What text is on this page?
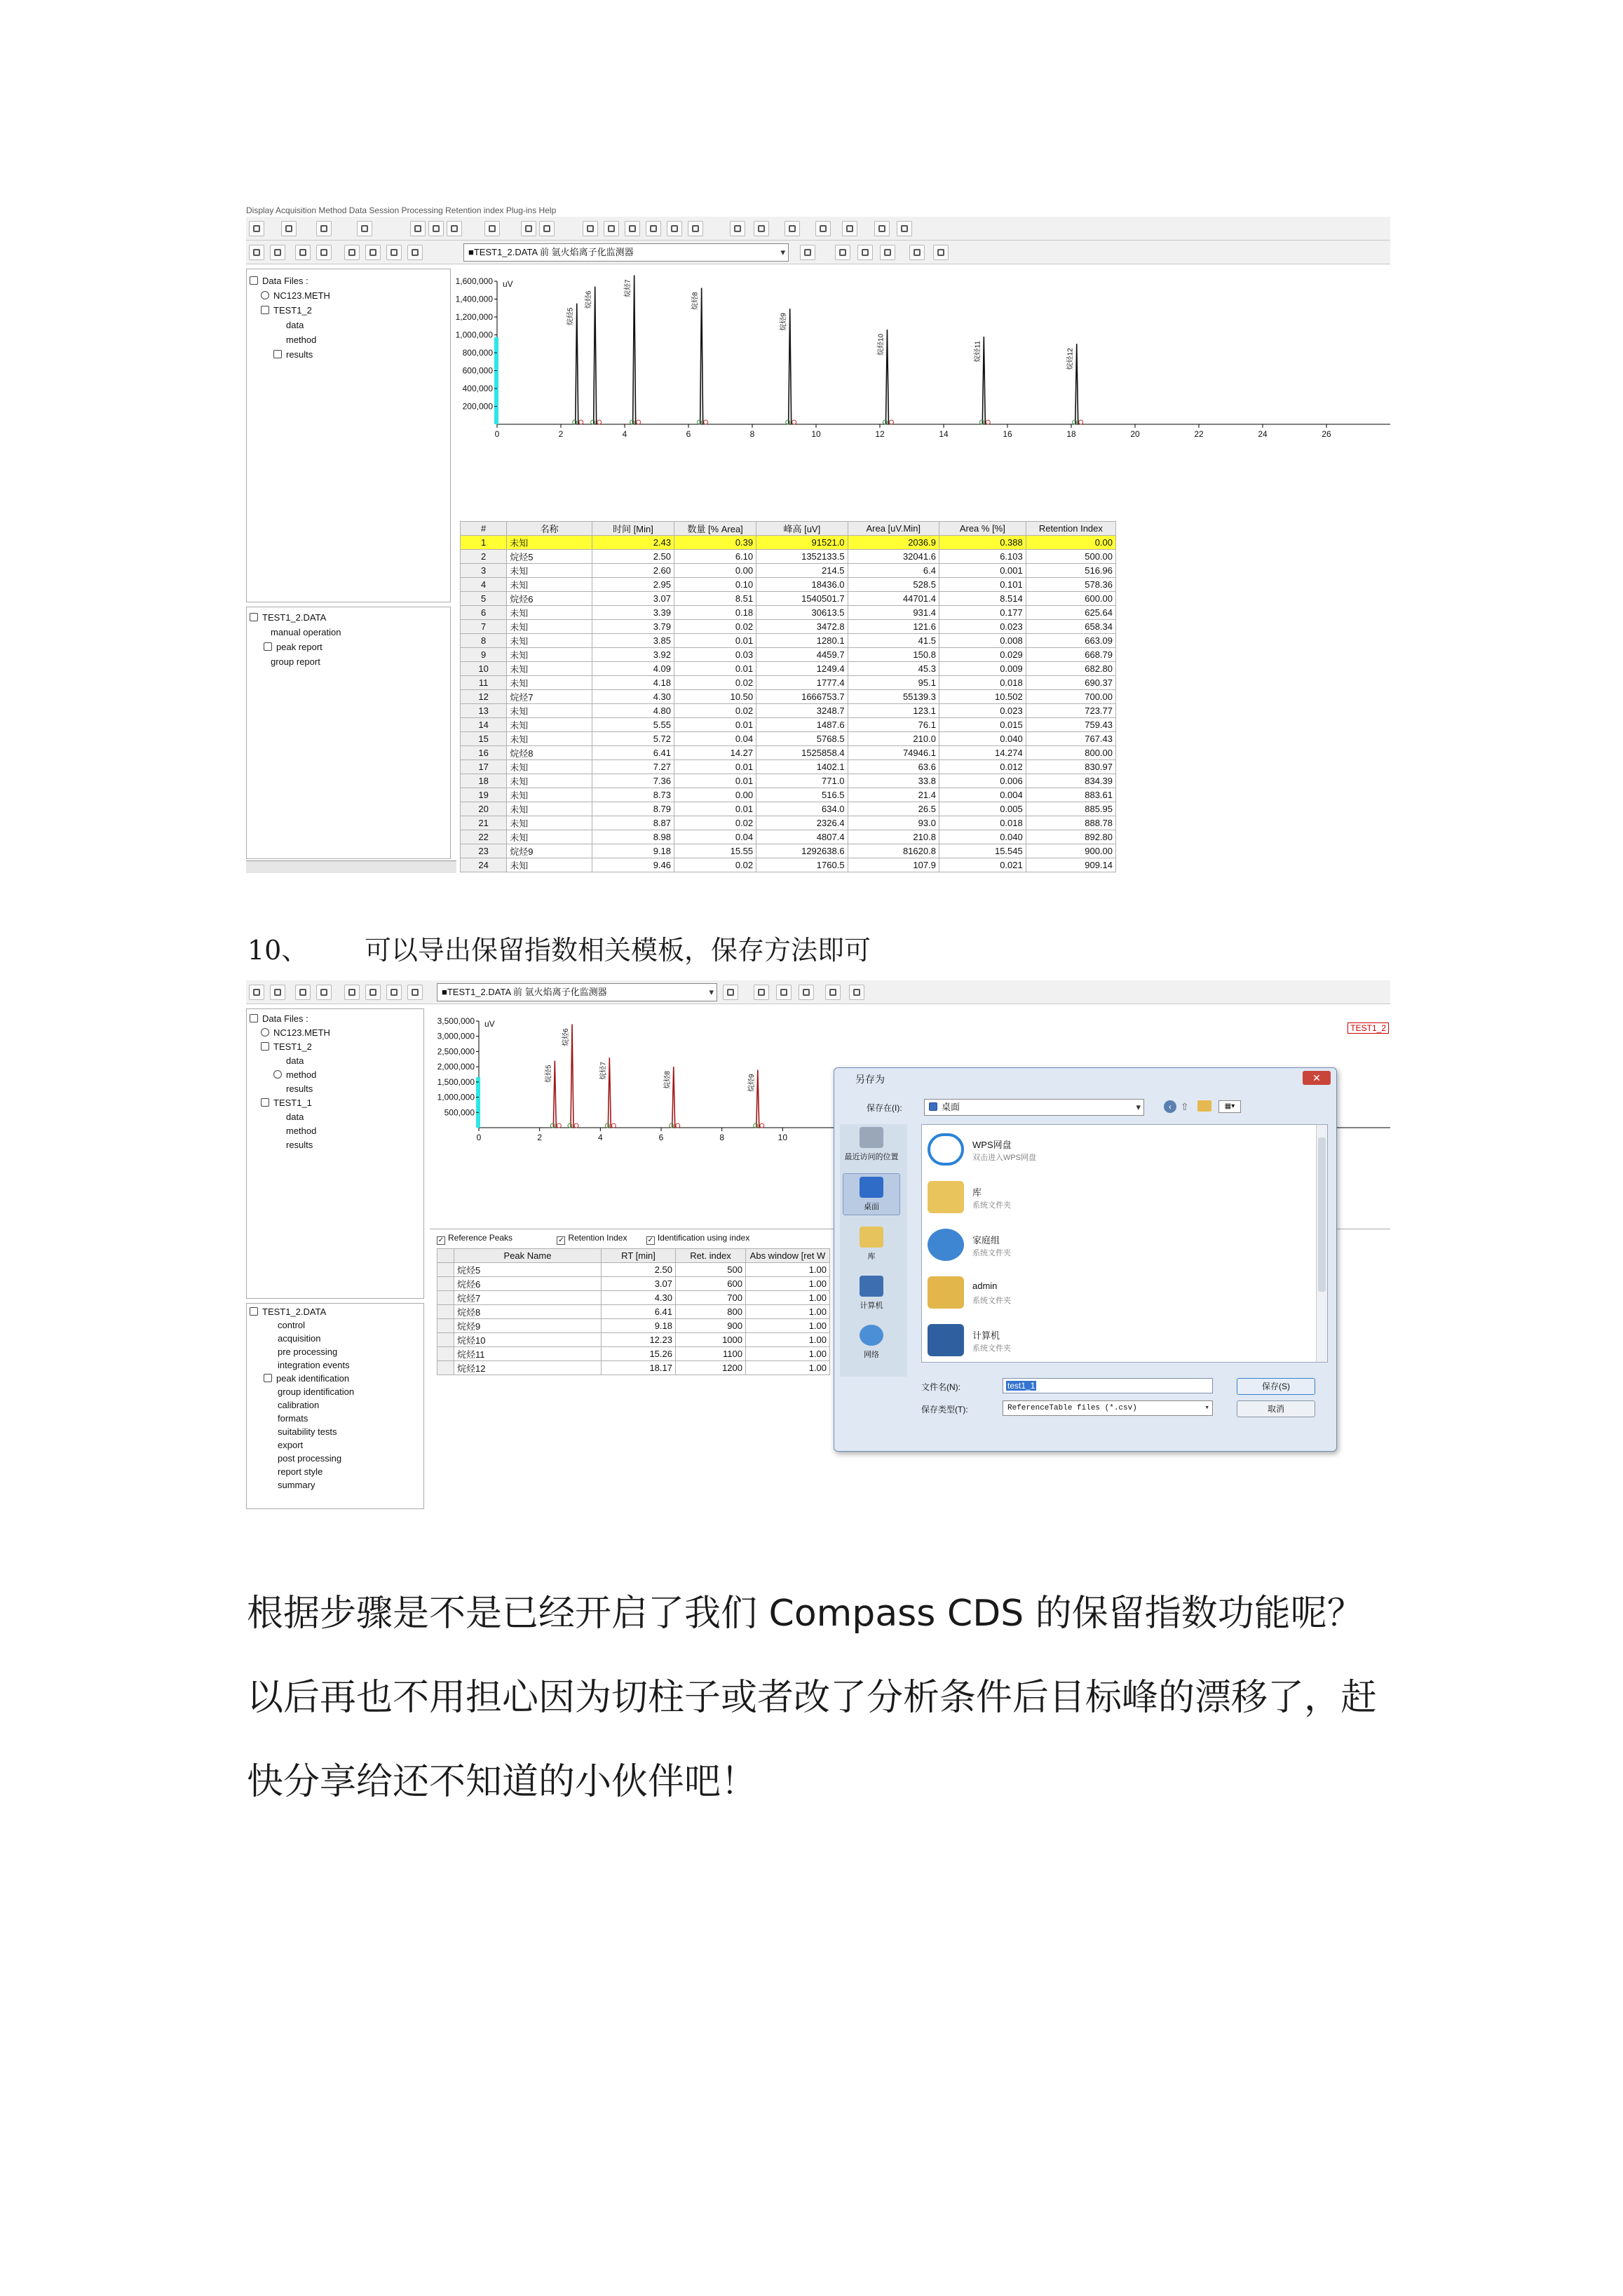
Display Acquisition Method Data Session Processing Retention index Plug-ins Help
■TEST1_2.DATA 前 氩火焰离子化监测器 ▾
Data Files :
NC123.METH
TEST1_2
data
method
results
TEST1_2.DATA
manual operation
peak report
group report
uV
200,000
400,000
600,000
800,000
1,000,000
1,200,000
1,400,000
1,600,000
0	2	4	6	8	10	12	14	16	18	20	22	24	26
烷烃5
烷烃6
烷烃7
烷烃8
烷烃9
烷烃10	烷烃11	烷烃12
#	名称	时间 [Min]	数量 [% Area]	峰高 [uV]	Area [uV.Min]	Area % [%]	Retention Index
1	未知	2.43	0.39	91521.0	2036.9	0.388	0.00
2	烷烃5	2.50	6.10	1352133.5	32041.6	6.103	500.00
3	未知	2.60	0.00	214.5	6.4	0.001	516.96
4	未知	2.95	0.10	18436.0	528.5	0.101	578.36
5	烷烃6	3.07	8.51	1540501.7	44701.4	8.514	600.00
6	未知	3.39	0.18	30613.5	931.4	0.177	625.64
7	未知	3.79	0.02	3472.8	121.6	0.023	658.34
8	未知	3.85	0.01	1280.1	41.5	0.008	663.09
9	未知	3.92	0.03	4459.7	150.8	0.029	668.79
10	未知	4.09	0.01	1249.4	45.3	0.009	682.80
11	未知	4.18	0.02	1777.4	95.1	0.018	690.37
12	烷烃7	4.30	10.50	1666753.7	55139.3	10.502	700.00
13	未知	4.80	0.02	3248.7	123.1	0.023	723.77
14	未知	5.55	0.01	1487.6	76.1	0.015	759.43
15	未知	5.72	0.04	5768.5	210.0	0.040	767.43
16	烷烃8	6.41	14.27	1525858.4	74946.1	14.274	800.00
17	未知	7.27	0.01	1402.1	63.6	0.012	830.97
18	未知	7.36	0.01	771.0	33.8	0.006	834.39
19	未知	8.73	0.00	516.5	21.4	0.004	883.61
20	未知	8.79	0.01	634.0	26.5	0.005	885.95
21	未知	8.87	0.02	2326.4	93.0	0.018	888.78
22	未知	8.98	0.04	4807.4	210.8	0.040	892.80
23	烷烃9	9.18	15.55	1292638.6	81620.8	15.545	900.00
24	未知	9.46	0.02	1760.5	107.9	0.021	909.14
10、 可以导出保留指数相关模板，保存方法即可
■TEST1_2.DATA 前 氩火焰离子化监测器 ▾
Data Files :
NC123.METH
TEST1_2
data
method
results
TEST1_1
data
method
results
TEST1_2.DATA
control
acquisition
pre processing
integration events
peak identification
group identification
calibration
formats
suitability tests
export
post processing
report style
summary
uV
500,000
1,000,000
1,500,000
2,000,000
2,500,000
3,000,000
3,500,000
0	2	4	6	8	10
烷烃5
烷烃6
烷烃7
烷烃8	烷烃9
TEST1_2
✓ Reference Peaks	✓ Retention Index	✓ Identification using index
	Peak Name	RT [min]	Ret. index	Abs window [ret W
	烷烃5	2.50	500	1.00
	烷烃6	3.07	600	1.00
	烷烃7	4.30	700	1.00
	烷烃8	6.41	800	1.00
	烷烃9	9.18	900	1.00
	烷烃10	12.23	1000	1.00
	烷烃11	15.26	1100	1.00
	烷烃12	18.17	1200	1.00
另存为	✕
保存在(I):	桌面 ▾	‹ ⇧	▦▾
最近访问的位置
桌面
库
计算机
网络
WPS网盘
双击进入WPS网盘
库
系统文件夹
家庭组
系统文件夹
admin
系统文件夹
计算机
系统文件夹
文件名(N):	test1_1
保存类型(T):	ReferenceTable files (*.csv) ▾
保存(S)
取消
根据步骤是不是已经开启了我们 Compass CDS 的保留指数功能呢？
以后再也不用担心因为切柱子或者改了分析条件后目标峰的漂移了，赶
快分享给还不知道的小伙伴吧！
